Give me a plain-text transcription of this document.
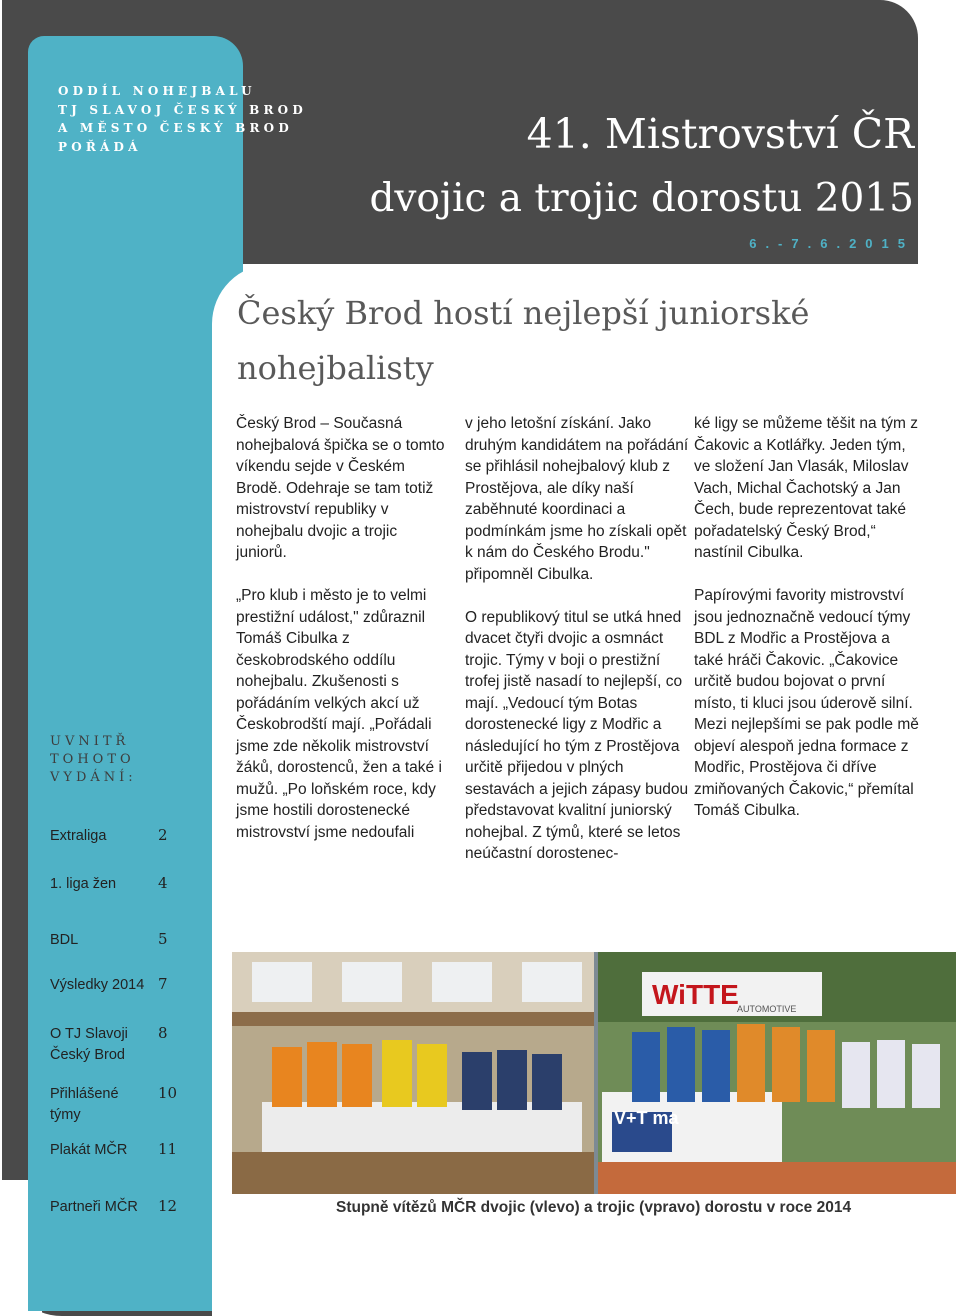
ODDÍL NOHEJBALU
TJ SLAVOJ ČESKÝ BROD
A MĚSTO ČESKÝ BROD
POŘÁDÁ	41. Mistrovství ČR
dvojic a trojic dorostu 2015
6.-7.6.2015
Český Brod hostí nejlepší juniorské nohejbalisty

Český Brod – Současná nohejbalová špička se o tomto víkendu sejde v Českém Brodě. Odehraje se tam totiž mistrovství republiky v nohejbalu dvojic a trojic juniorů.

„Pro klub i město je to velmi prestižní událost," zdůraznil Tomáš Cibulka z českobrodského oddílu nohejbalu. Zkušenosti s pořádáním velkých akcí už Českobrodští mají. „Pořádali jsme zde několik mistrovství žáků, dorostenců, žen a také i mužů. „Po loňském roce, kdy jsme hostili dorostenecké mistrovství jsme nedoufali

v jeho letošní získání. Jako druhým kandidátem na pořádání se přihlásil nohejbalový klub z Prostějova, ale díky naší zaběhnuté koordinaci a podmínkám jsme ho získali opět k nám do Českého Brodu." připomněl Cibulka.

O republikový titul se utká hned dvacet čtyři dvojic a osmnáct trojic. Týmy v boji o prestižní trofej jistě nasadí to nejlepší, co mají. „Vedoucí tým Botas dorostenecké ligy z Modřic a následující ho tým z Prostějova určitě přijedou v plných sestavách a jejich zápasy budou představovat kvalitní juniorský nohejbal. Z týmů, které se letos neúčastní dorostenec-

ké ligy se můžeme těšit na tým z Čakovic a Kotlářky. Jeden tým, ve složení Jan Vlasák, Miloslav Vach, Michal Čachotský a Jan Čech, bude reprezentovat také pořadatelský Český Brod,“ nastínil Cibulka.

Papírovými favority mistrovství jsou jednoznačně vedoucí týmy BDL z Modřic a Prostějova a také hráči Čakovic. „Čakovice určitě budou bojovat o první místo, ti kluci jsou úderově silní. Mezi nejlepšími se pak podle mě objeví alespoň jedna formace z Modřic, Prostějova či dříve zmiňovaných Čakovic,“ přemítal Tomáš Cibulka.

UVNITŘ
TOHOTO
VYDÁNÍ:
Extraliga	2
1. liga žen	4
BDL	5
Výsledky 2014 7
O TJ Slavoji Český Brod
8
Přihlášené týmy
10
Plakát MČR 11
Partneři MČR 12
WiTTE
AUTOMOTIVE
V+T ma
Stupně vítězů MČR dvojic (vlevo) a trojic (vpravo) dorostu v roce 2014
